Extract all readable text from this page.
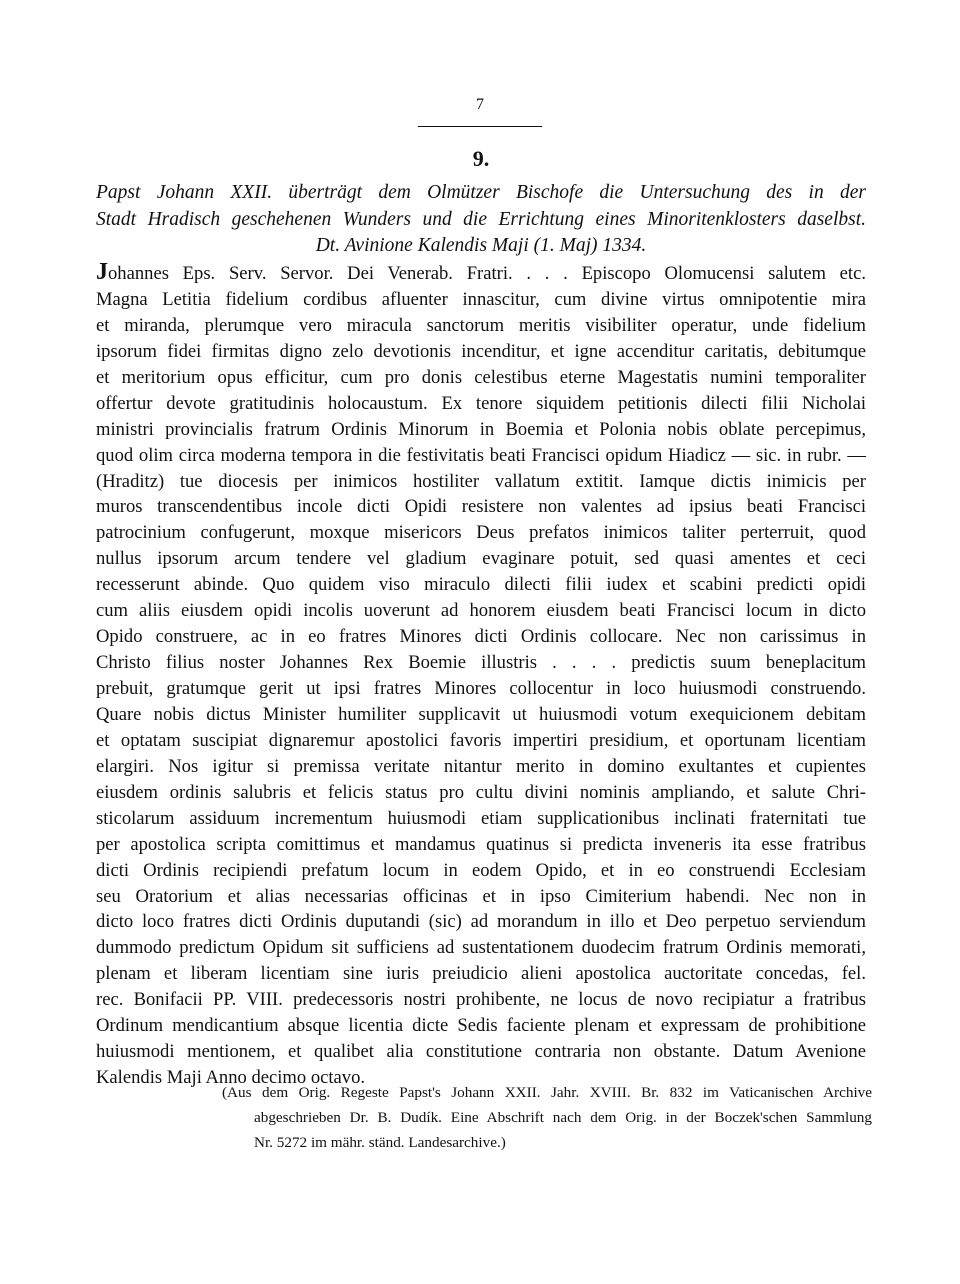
7
9.
Papst Johann XXII. überträgt dem Olmützer Bischofe die Untersuchung des in der
Stadt Hradisch geschehenen Wunders und die Errichtung eines Minoritenklosters daselbst.
Dt. Avinione Kalendis Maji (1. Maj) 1334.
Johannes Eps. Serv. Servor. Dei Venerab. Fratri. . . . Episcopo Olomucensi salutem etc.
Magna Letitia fidelium cordibus afluenter innascitur, cum divine virtus omnipotentie mira
et miranda, plerumque vero miracula sanctorum meritis visibiliter operatur, unde fidelium
ipsorum fidei firmitas digno zelo devotionis incenditur, et igne accenditur caritatis, debitumque
et meritorium opus efficitur, cum pro donis celestibus eterne Magestatis numini temporaliter
offertur devote gratitudinis holocaustum. Ex tenore siquidem petitionis dilecti filii Nicholai
ministri provincialis fratrum Ordinis Minorum in Boemia et Polonia nobis oblate percepimus,
quod olim circa moderna tempora in die festivitatis beati Francisci opidum Hiadicz — sic. in rubr. —
(Hraditz) tue diocesis per inimicos hostiliter vallatum extitit. Iamque dictis inimicis per
muros transcendentibus incole dicti Opidi resistere non valentes ad ipsius beati Francisci
patrocinium confugerunt, moxque misericors Deus prefatos inimicos taliter perterruit, quod
nullus ipsorum arcum tendere vel gladium evaginare potuit, sed quasi amentes et ceci
recesserunt abinde. Quo quidem viso miraculo dilecti filii iudex et scabini predicti opidi
cum aliis eiusdem opidi incolis uoverunt ad honorem eiusdem beati Francisci locum in dicto
Opido construere, ac in eo fratres Minores dicti Ordinis collocare. Nec non carissimus in
Christo filius noster Johannes Rex Boemie illustris . . . . predictis suum beneplacitum
prebuit, gratumque gerit ut ipsi fratres Minores collocentur in loco huiusmodi construendo.
Quare nobis dictus Minister humiliter supplicavit ut huiusmodi votum exequicionem debitam
et optatam suscipiat dignaremur apostolici favoris impertiri presidium, et oportunam licentiam
elargiri. Nos igitur si premissa veritate nitantur merito in domino exultantes et cupientes
eiusdem ordinis salubris et felicis status pro cultu divini nominis ampliando, et salute Chri-
sticolarum assiduum incrementum huiusmodi etiam supplicationibus inclinati fraternitati tue
per apostolica scripta comittimus et mandamus quatinus si predicta inveneris ita esse fratribus
dicti Ordinis recipiendi prefatum locum in eodem Opido, et in eo construendi Ecclesiam
seu Oratorium et alias necessarias officinas et in ipso Cimiterium habendi. Nec non in
dicto loco fratres dicti Ordinis duputandi (sic) ad morandum in illo et Deo perpetuo serviendum
dummodo predictum Opidum sit sufficiens ad sustentationem duodecim fratrum Ordinis memorati,
plenam et liberam licentiam sine iuris preiudicio alieni apostolica auctoritate concedas, fel.
rec. Bonifacii PP. VIII. predecessoris nostri prohibente, ne locus de novo recipiatur a fratribus
Ordinum mendicantium absque licentia dicte Sedis faciente plenam et expressam de prohibitione
huiusmodi mentionem, et qualibet alia constitutione contraria non obstante. Datum Avenione
Kalendis Maji Anno decimo octavo.
(Aus dem Orig. Regeste Papst's Johann XXII. Jahr. XVIII. Br. 832 im Vaticanischen Archive
abgeschrieben Dr. B. Dudík. Eine Abschrift nach dem Orig. in der Boczek'schen Sammlung
Nr. 5272 im mähr. ständ. Landesarchive.)
